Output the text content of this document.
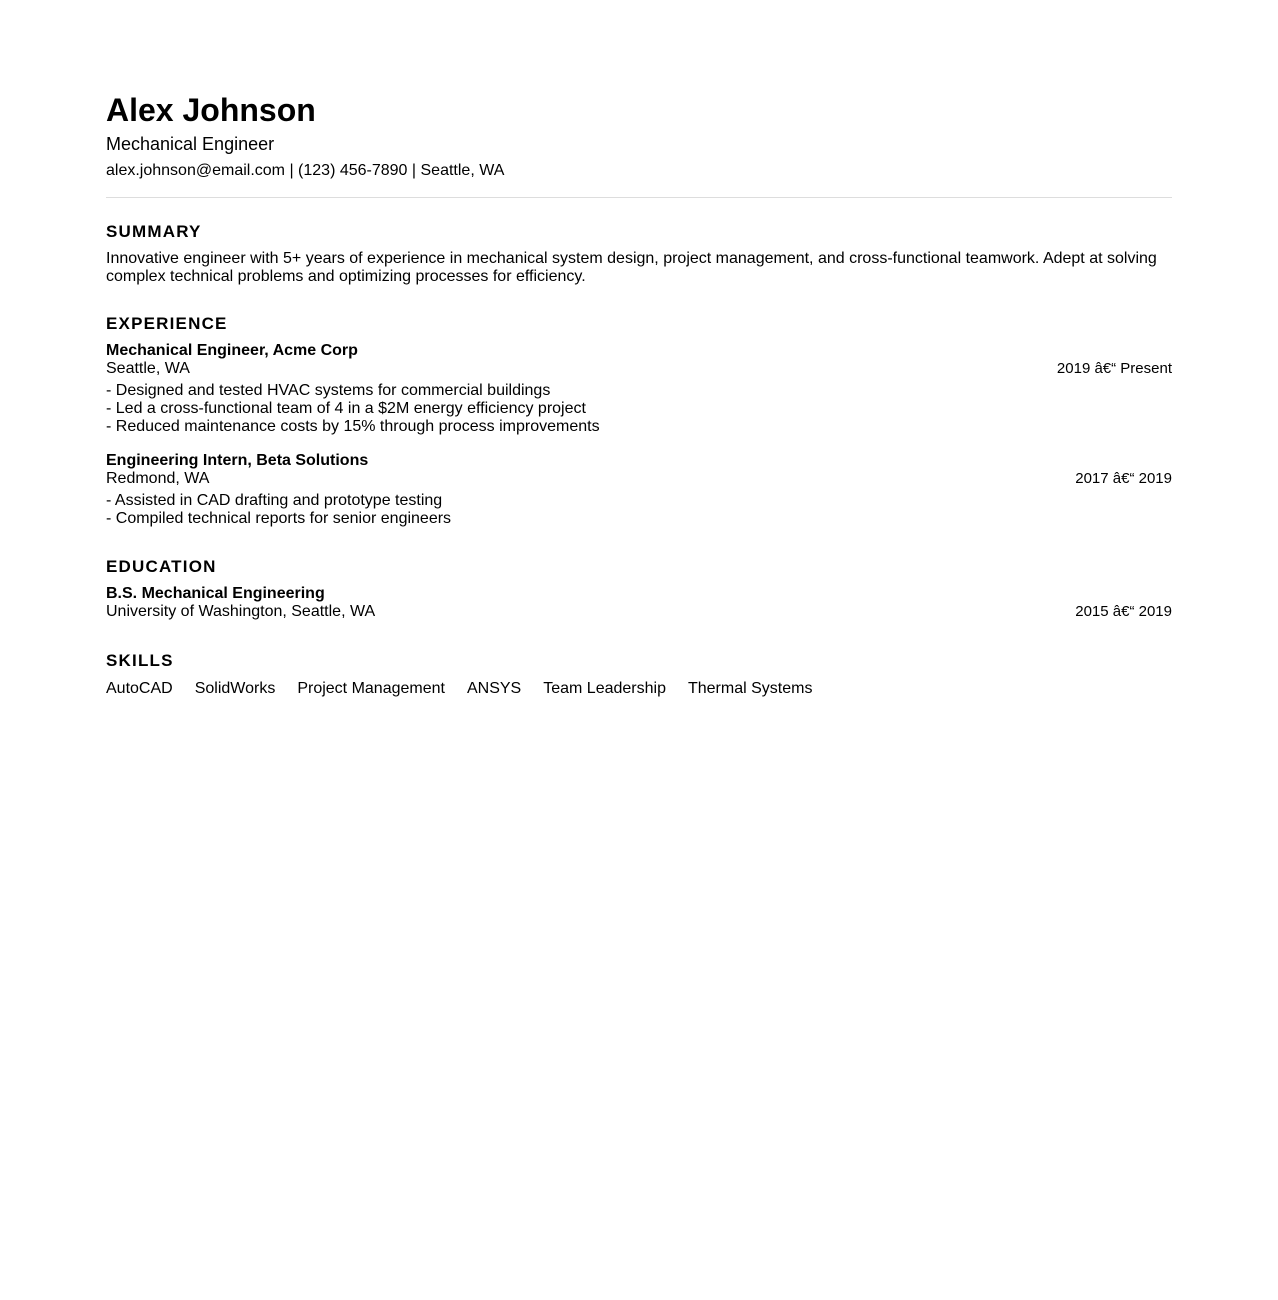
Alex Johnson
Mechanical Engineer
alex.johnson@email.com | (123) 456-7890 | Seattle, WA
SUMMARY
Innovative engineer with 5+ years of experience in mechanical system design, project management, and cross-functional teamwork. Adept at solving complex technical problems and optimizing processes for efficiency.
EXPERIENCE
Mechanical Engineer, Acme Corp
Seattle, WA	2019 â€“ Present
- Designed and tested HVAC systems for commercial buildings
- Led a cross-functional team of 4 in a $2M energy efficiency project
- Reduced maintenance costs by 15% through process improvements
Engineering Intern, Beta Solutions
Redmond, WA	2017 â€“ 2019
- Assisted in CAD drafting and prototype testing
- Compiled technical reports for senior engineers
EDUCATION
B.S. Mechanical Engineering
University of Washington, Seattle, WA	2015 â€“ 2019
SKILLS
AutoCAD SolidWorks Project Management ANSYS Team Leadership Thermal Systems
